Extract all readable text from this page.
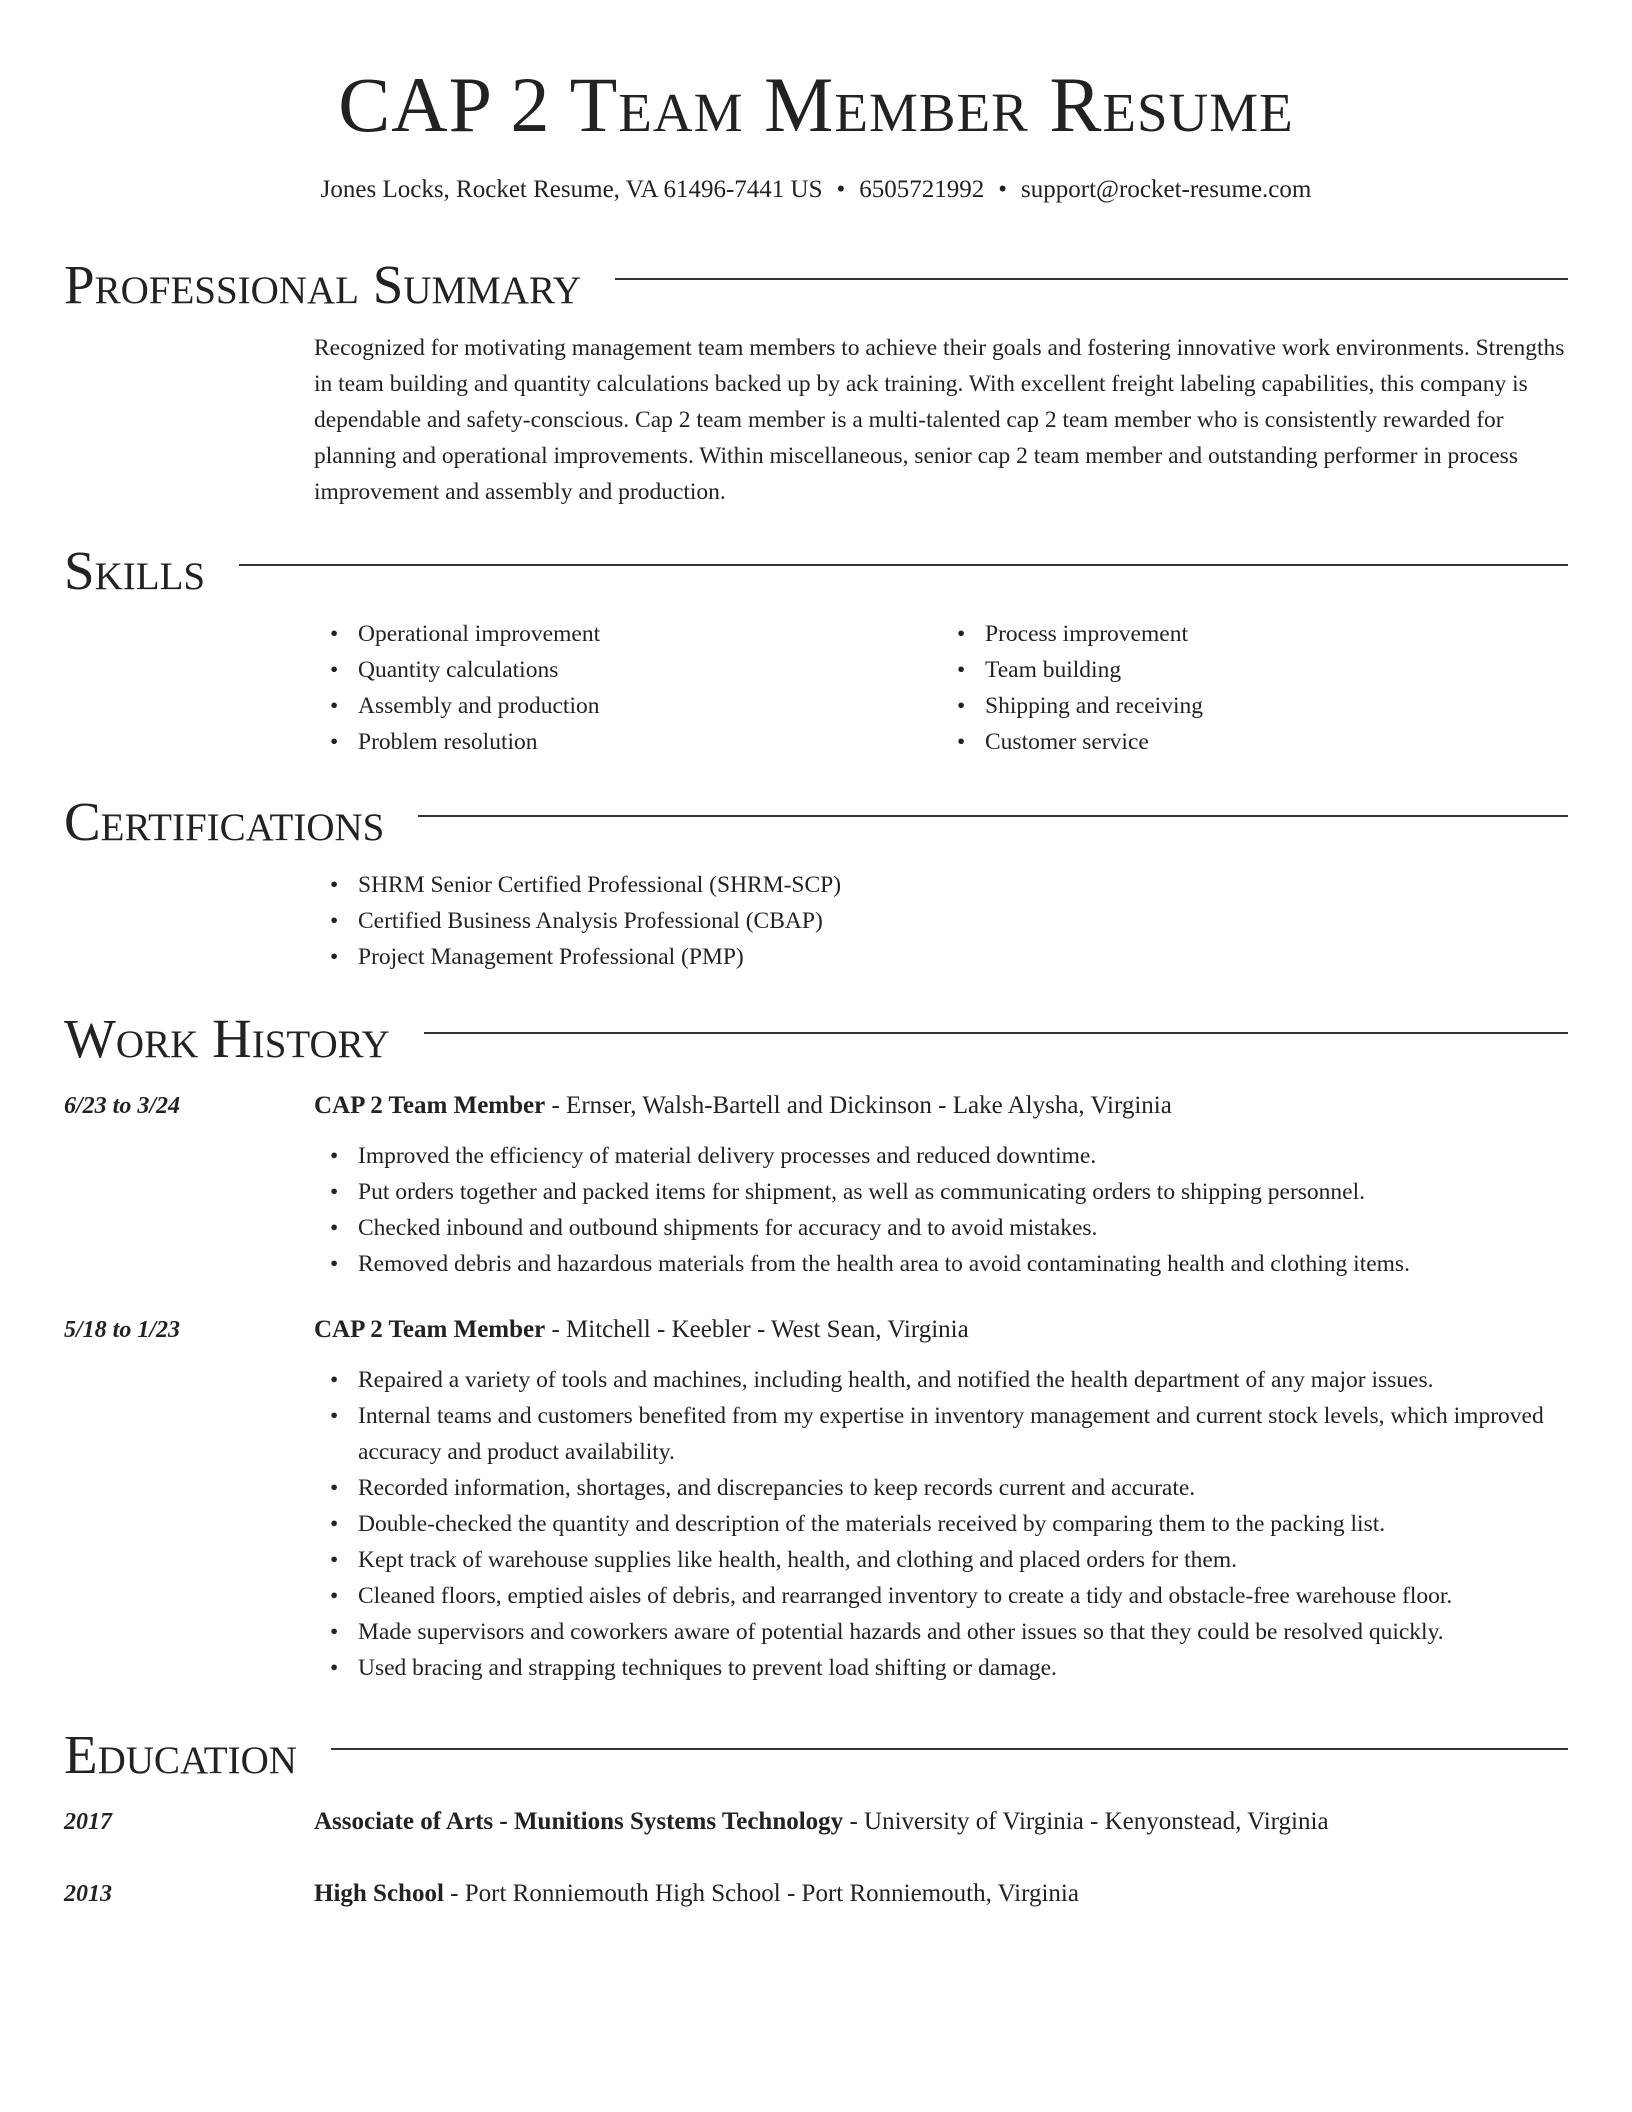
CAP 2 Team Member Resume
Jones Locks, Rocket Resume, VA 61496-7441 US • 6505721992 • support@rocket-resume.com
Professional Summary

Recognized for motivating management team members to achieve their goals and fostering innovative work environments. Strengths in team building and quantity calculations backed up by ack training. With excellent freight labeling capabilities, this company is dependable and safety-conscious. Cap 2 team member is a multi-talented cap 2 team member who is consistently rewarded for planning and operational improvements. Within miscellaneous, senior cap 2 team member and outstanding performer in process improvement and assembly and production.

Skills
• Operational improvement
• Quantity calculations
• Assembly and production
• Problem resolution
• Process improvement
• Team building
• Shipping and receiving
• Customer service
Certifications
• SHRM Senior Certified Professional (SHRM-SCP)
• Certified Business Analysis Professional (CBAP)
• Project Management Professional (PMP)
Work History
6/23 to 3/24	CAP 2 Team Member - Ernser, Walsh-Bartell and Dickinson - Lake Alysha, Virginia
• Improved the efficiency of material delivery processes and reduced downtime.
• Put orders together and packed items for shipment, as well as communicating orders to shipping personnel.
• Checked inbound and outbound shipments for accuracy and to avoid mistakes.
• Removed debris and hazardous materials from the health area to avoid contaminating health and clothing items.
5/18 to 1/23	CAP 2 Team Member - Mitchell - Keebler - West Sean, Virginia
• Repaired a variety of tools and machines, including health, and notified the health department of any major issues.
• Internal teams and customers benefited from my expertise in inventory management and current stock levels, which improved accuracy and product availability.
• Recorded information, shortages, and discrepancies to keep records current and accurate.
• Double-checked the quantity and description of the materials received by comparing them to the packing list.
• Kept track of warehouse supplies like health, health, and clothing and placed orders for them.
• Cleaned floors, emptied aisles of debris, and rearranged inventory to create a tidy and obstacle-free warehouse floor.
• Made supervisors and coworkers aware of potential hazards and other issues so that they could be resolved quickly.
• Used bracing and strapping techniques to prevent load shifting or damage.
Education
2017	Associate of Arts - Munitions Systems Technology - University of Virginia - Kenyonstead, Virginia
2013	High School - Port Ronniemouth High School - Port Ronniemouth, Virginia
